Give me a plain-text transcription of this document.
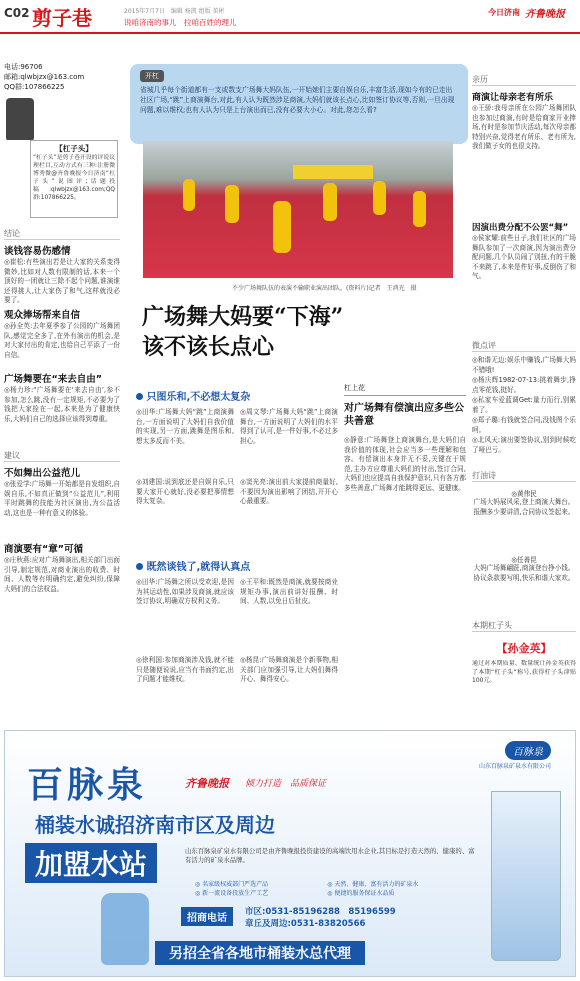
C02 剪子巷	2015年7月7日　编辑 杨凯 组版 董彬
说咱济南的事儿　拉咱百姓的理儿
今日济南 齐鲁晚报
电话:96706
邮箱:qlwbjzx@163.com
QQ群:107866225
【杠子头】
“杠子头”是剪子巷开设的评说议理栏目,互动方式有三种:注册微博秀微@齐鲁晚报今日济南“杠子头”说图评;话题投稿:qlwbjzx@163.com;QQ群:107866225。
结论
谈钱容易伤感情
◎崔松:有些演出若是让大家的关系变得微妙,比如对人数有限制的话,本来一个顶好的一团就让三除不起个问题,谁演谁还得挑人,让大家伤了和气,这样就没必要了。
观众捧场帮来自信
◎孙全英:去年夏季参了公园的广场舞团队,感觉完全多了,在外有演出的机会,是对大家付出的肯定,也给自己平添了一份自信。
广场舞要在“来去自由”
◎杨力珍:“广场舞要在‘来去自由’,参不参加,怎么跳,没有一定规矩,不必要为了钱把大家拴在一起,本来是为了健康快乐,大妈们自己的选择应该得到尊重。
建议
不如舞出公益范儿
◎张爱学:广场舞一开始都是自发组织,自娱自乐,不如真正做到“公益范儿”,利用平时跳舞的技能为社区演出,为公益活动,这也是一种有意义的体验。
商演要有“章”可循
◎庄秋燕:应对广场舞演出,相关部门出面引导,制定规范,对商业演出的收费、时间、人数等有明确约定,避免纠纷,保障大妈们的合法权益。
开杠
省城几乎每个街道都有一支或数支广场舞大妈队伍,一开始她们主要自娱自乐,丰富生活,现如今有的已走出社区广场,“跳”上商演舞台,对此,有人认为既然涉足商演,大妈们就该长点心,比如签订协议等,否则,一旦出现问题,难以维权;也有人认为只是上台演出而已,没有必要大小心。对此,您怎么看?
不少广场舞队伍的表演不输职业演出团队。(资料片)记者　王鸿光　摄
广场舞大妈要“下海”
该不该长点心
只图乐和,不必想太复杂
◎田华:广场舞大妈“跳”上商演舞台,一方面说明了大妈们自我价值的实现,另一方面,跳舞是图乐和,想太多反而不美。
◎刘建国:说到底还是自娱自乐,只要大家开心就好,没必要把事情想得太复杂。
◎周文琴:广场舞大妈“跳”上商演舞台,一方面说明了大妈们的水平得到了认可,是一件好事,不必过多担心。
◎窦光亮:演出前大家提前商量好,不要因为演出影响了团结,开开心心最重要。
既然谈钱了,就得认真点
◎田华:广场舞之所以受欢迎,是因为其运动性,如果涉及商演,就应该签订协议,明确双方权利义务。
◎徐利国:参加商演涉及钱,就不能只是随便说说,应当有书面约定,出了问题才能维权。
◎王平和:既然是商演,就要按商业规矩办事,演出前讲好报酬、时间、人数,以免日后扯皮。
◎杨昆:广场舞商演是个新事物,相关部门应加强引导,让大妈们舞得开心、舞得安心。
杠上花
对广场舞有偿演出应多些公共善意
◎静意:广场舞登上商演舞台,是大妈们自我价值的体现,社会应当多一些理解和包容。有偿演出本身并无不妥,关键在于规范,主办方应尊重大妈们的付出,签订合同,大妈们也应提高自我保护意识,只有各方都多些善意,广场舞才能跳得更远、更健康。
亲历
商演让母亲老有所乐
◎王骄:我母亲所在公园广场舞团队也参加过商演,有时是给商家开业捧场,有时是参加节庆活动,每次母亲都特别兴奋,觉得老有所乐、老有所为,我们做子女的也很支持。
因演出费分配不公罢“舞”
◎侯家耀:前些日子,我们社区的广场舞队参加了一次商演,因为演出费分配问题,几个队员闹了别扭,有的干脆不来跳了,本来是件好事,反倒伤了和气。
微点评
◎和谐无边:娱乐中赚钱,广场舞大妈不错哦!
◎杨庆辉1982-07-13:挑着舞步,挣点零花钱,挺好。
◎私家车爱蓝调Get:量力而行,别累着了。
◎郑子璐:有钱就签合同,没钱图个乐呵。
◎北风天:演出要签协议,别到时候吃了哑巴亏。
打油诗
◎黄伟民
广场大妈展风采,登上商演大舞台。报酬多少要讲清,合同协议签起来。
◎任善昆
大妈广场舞翩跹,商演登台挣小钱。协议条款要写明,快乐和谐大家欢。
本期杠子头
【孙金英】
通过对本期质量、数量统计孙金英获得了本期“杠子头”称号,获得杠子头津贴100元。
百脉泉	齐鲁晚报 倾力打造　品质保证
桶装水诚招济南市区及周边
加盟水站	山东百脉泉矿泉水有限公司是由齐鲁晚报投资建设的高端饮用水企业,其目标是打造天然的、健康的、富有活力的矿泉水品牌。
◎ 名家级权威部门严选产品	◎ 天然、健康、富有活力的矿泉水 ◎ 新一流设备投放生产工艺	◎ 便捷的服务保证水品质
招商电话
市区:0531-85196288　85196599
章丘及周边:0531-83820566
另招全省各地市桶装水总代理
百脉泉
山东百脉泉矿泉水有限公司
